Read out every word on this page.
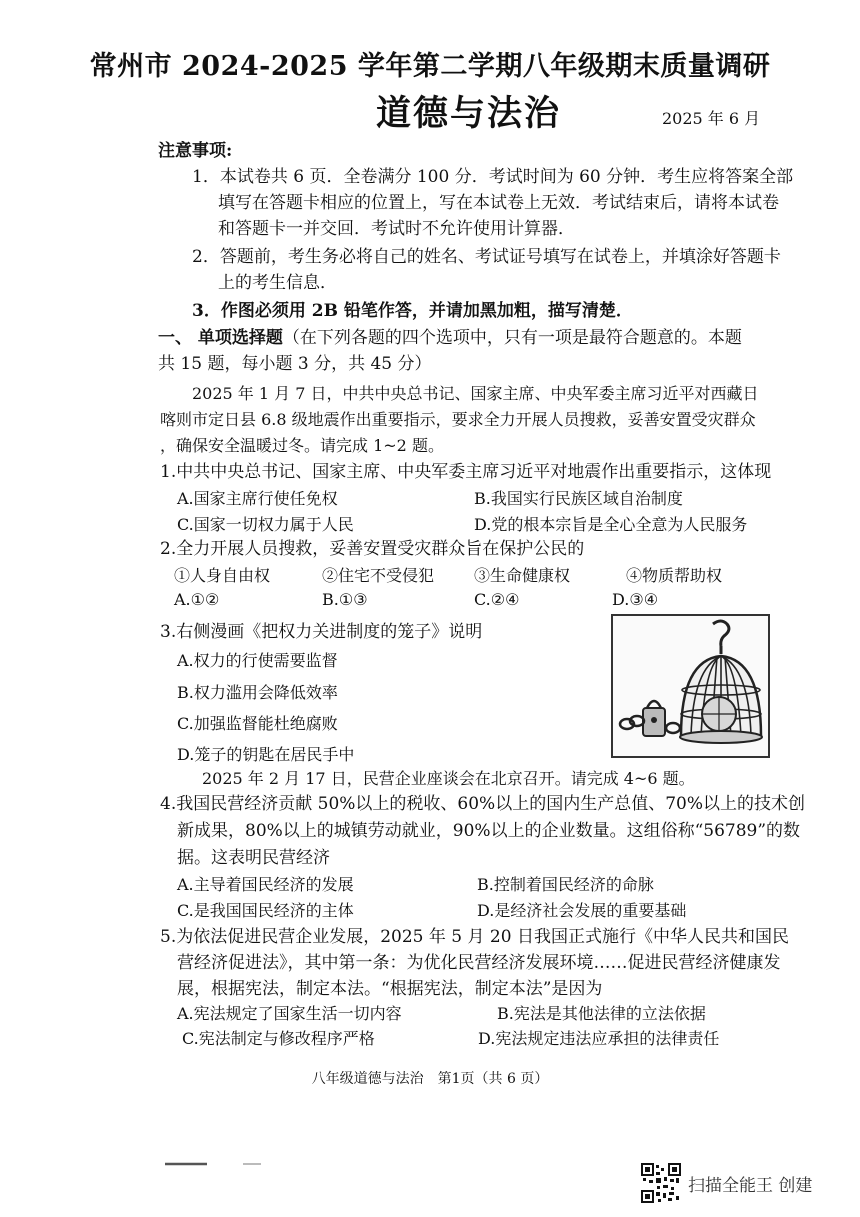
常州市 2024-2025 学年第二学期八年级期末质量调研
道德与法治	2025 年 6 月
注意事项:
1．本试卷共 6 页．全卷满分 100 分．考试时间为 60 分钟．考生应将答案全部
填写在答题卡相应的位置上，写在本试卷上无效．考试结束后，请将本试卷
和答题卡一并交回．考试时不允许使用计算器．
2．答题前，考生务必将自己的姓名、考试证号填写在试卷上，并填涂好答题卡
上的考生信息．
3．作图必须用 2B 铅笔作答，并请加黑加粗，描写清楚．
一、 单项选择题（在下列各题的四个选项中，只有一项是最符合题意的。本题
共 15 题，每小题 3 分，共 45 分）
2025 年 1 月 7 日，中共中央总书记、国家主席、中央军委主席习近平对西藏日
喀则市定日县 6.8 级地震作出重要指示，要求全力开展人员搜救，妥善安置受灾群众
，确保安全温暖过冬。请完成 1~2 题。
1.中共中央总书记、国家主席、中央军委主席习近平对地震作出重要指示，这体现
A.国家主席行使任免权	B.我国实行民族区域自治制度
C.国家一切权力属于人民	D.党的根本宗旨是全心全意为人民服务
2.全力开展人员搜救，妥善安置受灾群众旨在保护公民的
①人身自由权	②住宅不受侵犯 ③生命健康权	④物质帮助权
A.①②	B.①③	C.②④	D.③④
3.右侧漫画《把权力关进制度的笼子》说明
A.权力的行使需要监督
B.权力滥用会降低效率
C.加强监督能杜绝腐败
D.笼子的钥匙在居民手中
2025 年 2 月 17 日，民营企业座谈会在北京召开。请完成 4~6 题。
4.我国民营经济贡献 50%以上的税收、60%以上的国内生产总值、70%以上的技术创
新成果，80%以上的城镇劳动就业，90%以上的企业数量。这组俗称“56789”的数
据。这表明民营经济
A.主导着国民经济的发展	B.控制着国民经济的命脉
C.是我国国民经济的主体	D.是经济社会发展的重要基础
5.为依法促进民营企业发展，2025 年 5 月 20 日我国正式施行《中华人民共和国民
营经济促进法》，其中第一条：为优化民营经济发展环境……促进民营经济健康发
展，根据宪法，制定本法。“根据宪法，制定本法”是因为
A.宪法规定了国家生活一切内容	B.宪法是其他法律的立法依据
C.宪法制定与修改程序严格	D.宪法规定违法应承担的法律责任
八年级道德与法治　第1页（共 6 页）
扫描全能王 创建
